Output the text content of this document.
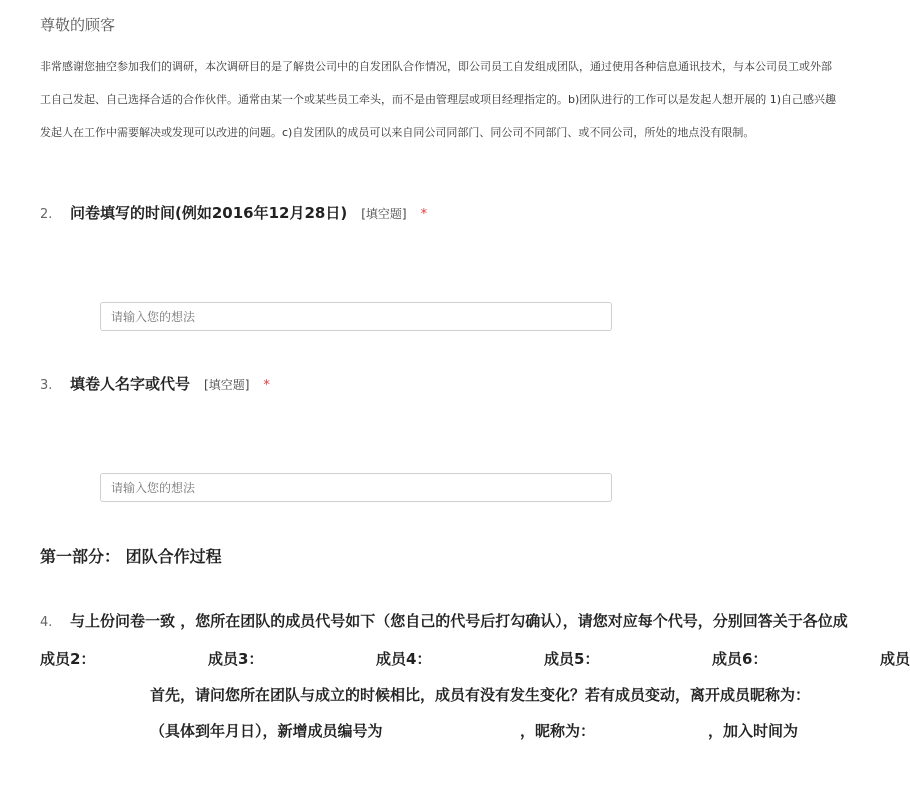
尊敬的顾客
非常感谢您抽空参加我们的调研，本次调研目的是了解贵公司中的自发团队合作情况，即公司员工自发组成团队，通过使用各种信息通讯技术，与本公司员工或外部
工自己发起、自己选择合适的合作伙伴。通常由某一个或某些员工牵头，而不是由管理层或项目经理指定的。b)团队进行的工作可以是发起人想开展的 1)自己感兴趣
发起人在工作中需要解决或发现可以改进的问题。c)自发团队的成员可以来自同公司同部门、同公司不同部门、或不同公司，所处的地点没有限制。
2.	问卷填写的时间(例如2016年12月28日) [填空题] *
请输入您的想法
3.	填卷人名字或代号 [填空题] *
请输入您的想法
第一部分： 团队合作过程
4.	与上份问卷一致 ，您所在团队的成员代号如下（您自己的代号后打勾确认），请您对应每个代号，分别回答关于各位成
成员2：	成员3：	成员4：	成员5：	成员6：	成员
首先，请问您所在团队与成立的时候相比，成员有没有发生变化？若有成员变动，离开成员昵称为：
（具体到年月日），新增成员编号为	，昵称为：	，加入时间为
